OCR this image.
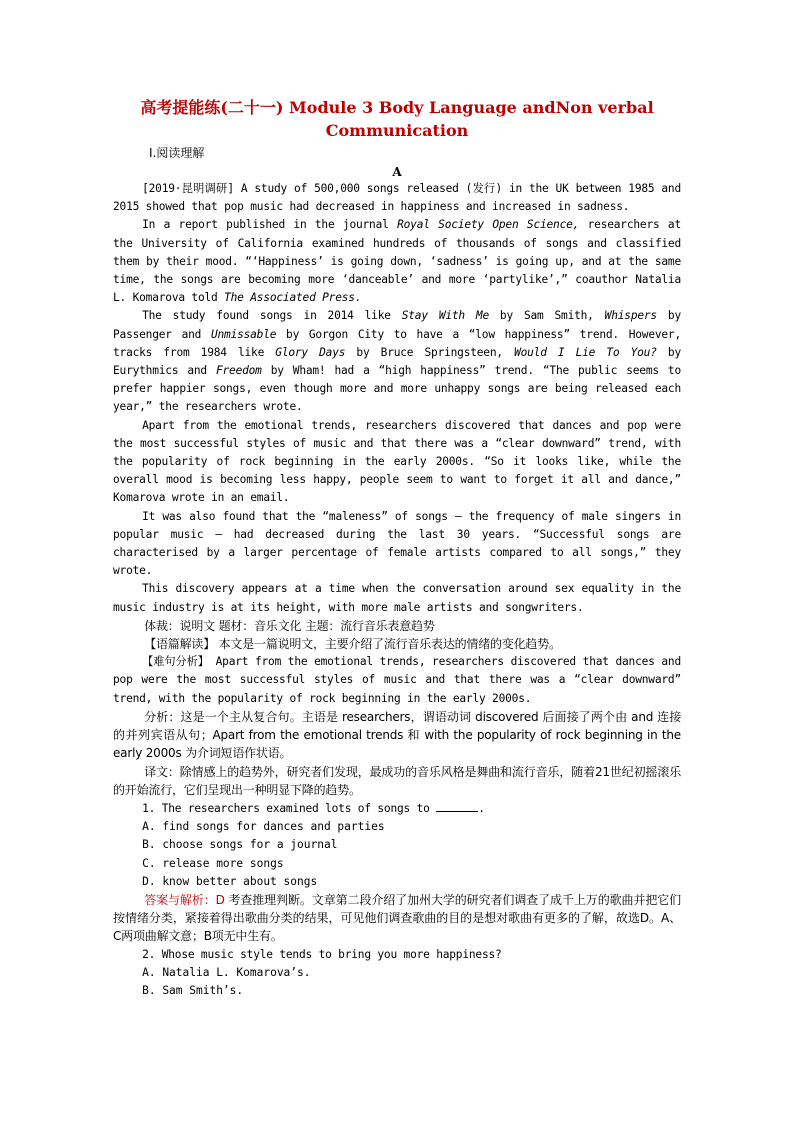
高考提能练(二十一) Module 3 Body Language andNon verbal
Communication
Ⅰ.阅读理解
A

[2019·昆明调研] A study of 500,000 songs released (发行) in the UK between 1985 and 2015 showed that pop music had decreased in happiness and increased in sadness.

In a report published in the journal Royal Society Open Science, researchers at the University of California examined hundreds of thousands of songs and classified them by their mood. “‘Happiness’ is going down, ‘sadness’ is going up, and at the same time, the songs are becoming more ‘danceable’ and more ‘partylike’,” coauthor Natalia L. Komarova told The Associated Press.

The study found songs in 2014 like Stay With Me by Sam Smith, Whispers by Passenger and Unmissable by Gorgon City to have a “low happiness” trend. However, tracks from 1984 like Glory Days by Bruce Springsteen, Would I Lie To You? by Eurythmics and Freedom by Wham! had a “high happiness” trend. “The public seems to prefer happier songs, even though more and more unhappy songs are being released each year,” the researchers wrote.

Apart from the emotional trends, researchers discovered that dances and pop were the most successful styles of music and that there was a “clear downward” trend, with the popularity of rock beginning in the early 2000s. “So it looks like, while the overall mood is becoming less happy, people seem to want to forget it all and dance,” Komarova wrote in an email.

It was also found that the “maleness” of songs — the frequency of male singers in popular music — had decreased during the last 30 years. “Successful songs are characterised by a larger percentage of female artists compared to all songs,” they wrote.

This discovery appears at a time when the conversation around sex equality in the music industry is at its height, with more male artists and songwriters.

体裁：说明文 题材：音乐文化 主题：流行音乐表意趋势

【语篇解读】 本文是一篇说明文，主要介绍了流行音乐表达的情绪的变化趋势。

【难句分析】 Apart from the emotional trends, researchers discovered that dances and pop were the most successful styles of music and that there was a “clear downward” trend, with the popularity of rock beginning in the early 2000s.

分析：这是一个主从复合句。主语是 researchers，谓语动词 discovered 后面接了两个由 and 连接的并列宾语从句；Apart from the emotional trends 和 with the popularity of rock beginning in the early 2000s 为介词短语作状语。

译文：除情感上的趋势外，研究者们发现，最成功的音乐风格是舞曲和流行音乐，随着21世纪初摇滚乐的开始流行，它们呈现出一种明显下降的趋势。

1. The researchers examined lots of songs to	.

A. find songs for dances and parties
B. choose songs for a journal
C. release more songs
D. know better about songs

答案与解析：D 考查推理判断。文章第二段介绍了加州大学的研究者们调查了成千上万的歌曲并把它们按情绪分类，紧接着得出歌曲分类的结果，可见他们调查歌曲的目的是想对歌曲有更多的了解，故选D。A、C两项曲解文意；B项无中生有。

2. Whose music style tends to bring you more happiness?

A. Natalia L. Komarova’s.
B. Sam Smith’s.
